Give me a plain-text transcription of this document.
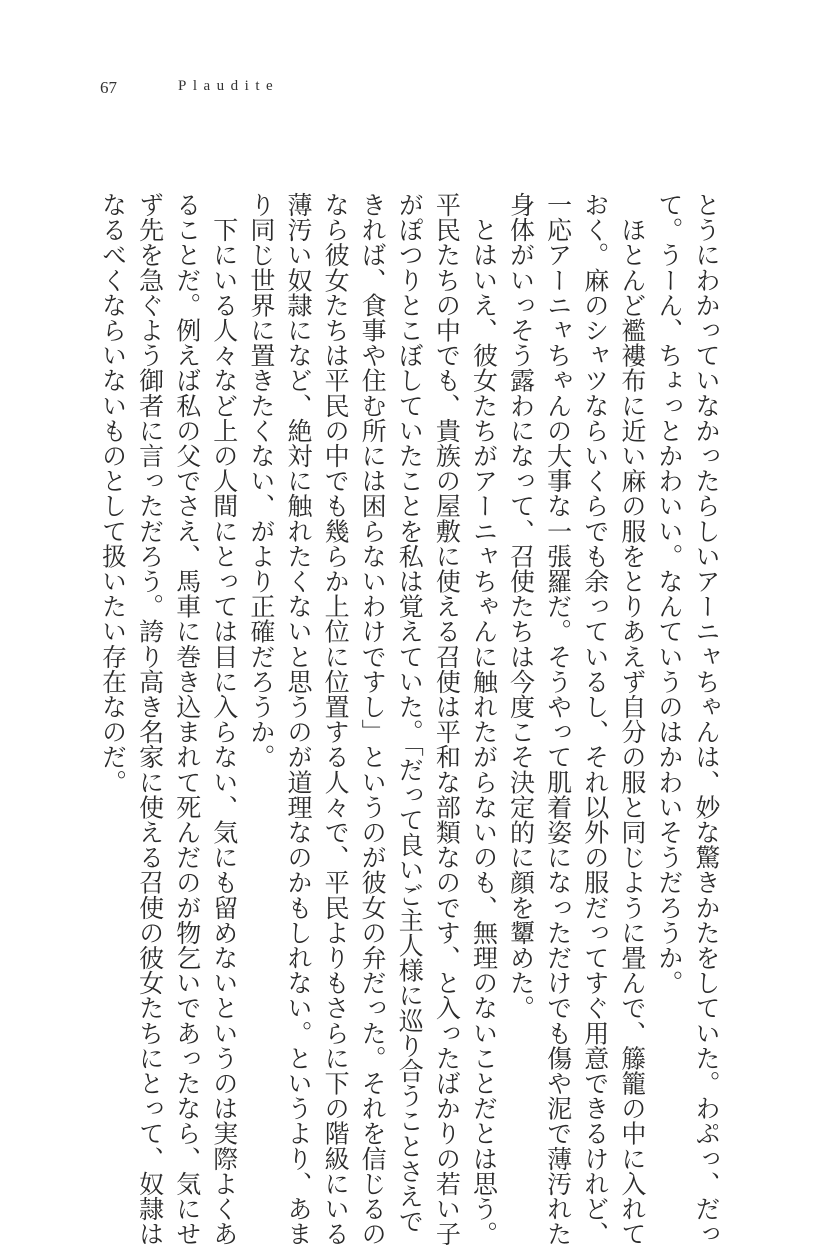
67	Plaudite
とうにわかっていなかったらしいアーニャちゃんは、妙な驚きかたをしていた。わぷっ、だっ
て。うーん、ちょっとかわいい。なんていうのはかわいそうだろうか。
　ほとんど襤褸布に近い麻の服をとりあえず自分の服と同じように畳んで、籐籠の中に入れて
おく。麻のシャツならいくらでも余っているし、それ以外の服だってすぐ用意できるけれど、
一応アーニャちゃんの大事な一張羅だ。そうやって肌着姿になっただけでも傷や泥で薄汚れた
身体がいっそう露わになって、召使たちは今度こそ決定的に顔を顰めた。
　とはいえ、彼女たちがアーニャちゃんに触れたがらないのも、無理のないことだとは思う。
平民たちの中でも、貴族の屋敷に使える召使は平和な部類なのです、と入ったばかりの若い子
がぽつりとこぼしていたことを私は覚えていた。「だって良いご主人様に巡り合うことさえで
きれば、食事や住む所には困らないわけですし」というのが彼女の弁だった。それを信じるの
なら彼女たちは平民の中でも幾らか上位に位置する人々で、平民よりもさらに下の階級にいる
薄汚い奴隷になど、絶対に触れたくないと思うのが道理なのかもしれない。というより、あま
り同じ世界に置きたくない、がより正確だろうか。
　下にいる人々など上の人間にとっては目に入らない、気にも留めないというのは実際よくあ
ることだ。例えば私の父でさえ、馬車に巻き込まれて死んだのが物乞いであったなら、気にせ
ず先を急ぐよう御者に言っただろう。誇り高き名家に使える召使の彼女たちにとって、奴隷は
なるべくならいないものとして扱いたい存在なのだ。
